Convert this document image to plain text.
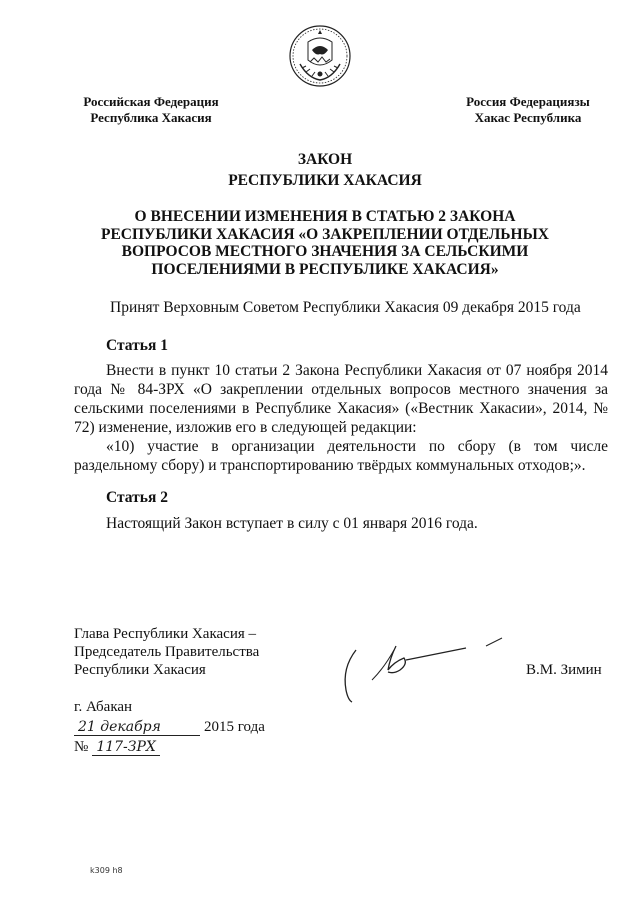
Российская Федерация
Республика Хакасия
Россия Федерациязы
Хакас Республика
ЗАКОН
РЕСПУБЛИКИ ХАКАСИЯ
О ВНЕСЕНИИ ИЗМЕНЕНИЯ В СТАТЬЮ 2 ЗАКОНА РЕСПУБЛИКИ ХАКАСИЯ «О ЗАКРЕПЛЕНИИ ОТДЕЛЬНЫХ ВОПРОСОВ МЕСТНОГО ЗНАЧЕНИЯ ЗА СЕЛЬСКИМИ ПОСЕЛЕНИЯМИ В РЕСПУБЛИКЕ ХАКАСИЯ»
Принят Верховным Советом Республики Хакасия 09 декабря 2015 года
Статья 1

Внести в пункт 10 статьи 2 Закона Республики Хакасия от 07 ноября 2014 года № 84-ЗРХ «О закреплении отдельных вопросов местного значения за сельскими поселениями в Республике Хакасия» («Вестник Хакасии», 2014, № 72) изменение, изложив его в следующей редакции:

«10) участие в организации деятельности по сбору (в том числе раздельному сбору) и транспортированию твёрдых коммунальных отходов;».

Статья 2
Настоящий Закон вступает в силу с 01 января 2016 года.
Глава Республики Хакасия –
Председатель Правительства
Республики Хакасия	В.М. Зимин
г. Абакан
21 декабря	2015 года
№ 117-ЗРХ
k309 h8
